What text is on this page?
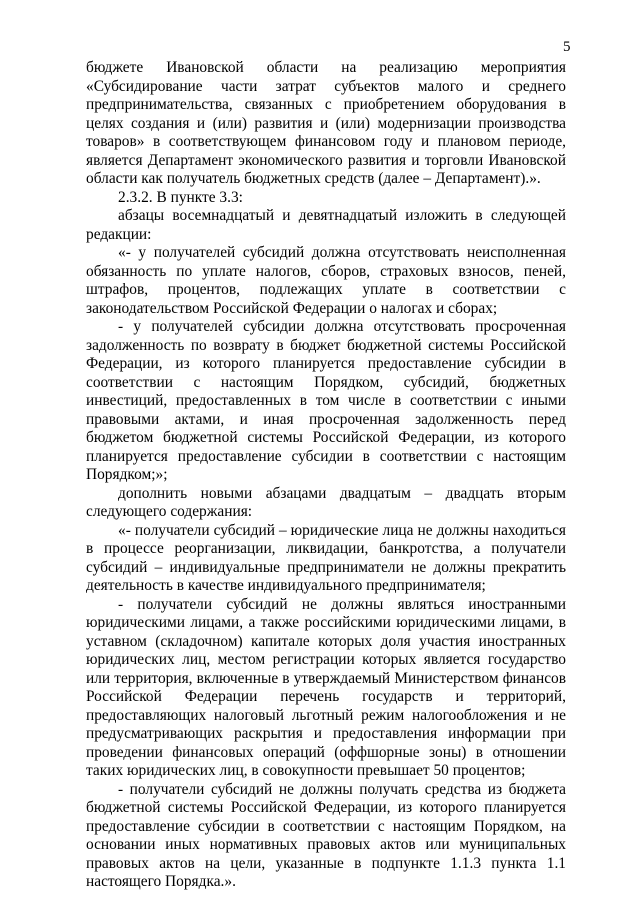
5

бюджете Ивановской области на реализацию мероприятия «Субсидирование части затрат субъектов малого и среднего предпринимательства, связанных с приобретением оборудования в целях создания и (или) развития и (или) модернизации производства товаров» в соответствующем финансовом году и плановом периоде, является Департамент экономического развития и торговли Ивановской области как получатель бюджетных средств (далее – Департамент).».

2.3.2. В пункте 3.3:

абзацы восемнадцатый и девятнадцатый изложить в следующей редакции:

«- у получателей субсидий должна отсутствовать неисполненная обязанность по уплате налогов, сборов, страховых взносов, пеней, штрафов, процентов, подлежащих уплате в соответствии с законодательством Российской Федерации о налогах и сборах;

- у получателей субсидии должна отсутствовать просроченная задолженность по возврату в бюджет бюджетной системы Российской Федерации, из которого планируется предоставление субсидии в соответствии с настоящим Порядком, субсидий, бюджетных инвестиций, предоставленных в том числе в соответствии с иными правовыми актами, и иная просроченная задолженность перед бюджетом бюджетной системы Российской Федерации, из которого планируется предоставление субсидии в соответствии с настоящим Порядком;»;

дополнить новыми абзацами двадцатым – двадцать вторым следующего содержания:

«- получатели субсидий – юридические лица не должны находиться в процессе реорганизации, ликвидации, банкротства, а получатели субсидий – индивидуальные предприниматели не должны прекратить деятельность в качестве индивидуального предпринимателя;

- получатели субсидий не должны являться иностранными юридическими лицами, а также российскими юридическими лицами, в уставном (складочном) капитале которых доля участия иностранных юридических лиц, местом регистрации которых является государство или территория, включенные в утверждаемый Министерством финансов Российской Федерации перечень государств и территорий, предоставляющих налоговый льготный режим налогообложения и не предусматривающих раскрытия и предоставления информации при проведении финансовых операций (оффшорные зоны) в отношении таких юридических лиц, в совокупности превышает 50 процентов;

- получатели субсидий не должны получать средства из бюджета бюджетной системы Российской Федерации, из которого планируется предоставление субсидии в соответствии с настоящим Порядком, на основании иных нормативных правовых актов или муниципальных правовых актов на цели, указанные в подпункте 1.1.3 пункта 1.1 настоящего Порядка.».
